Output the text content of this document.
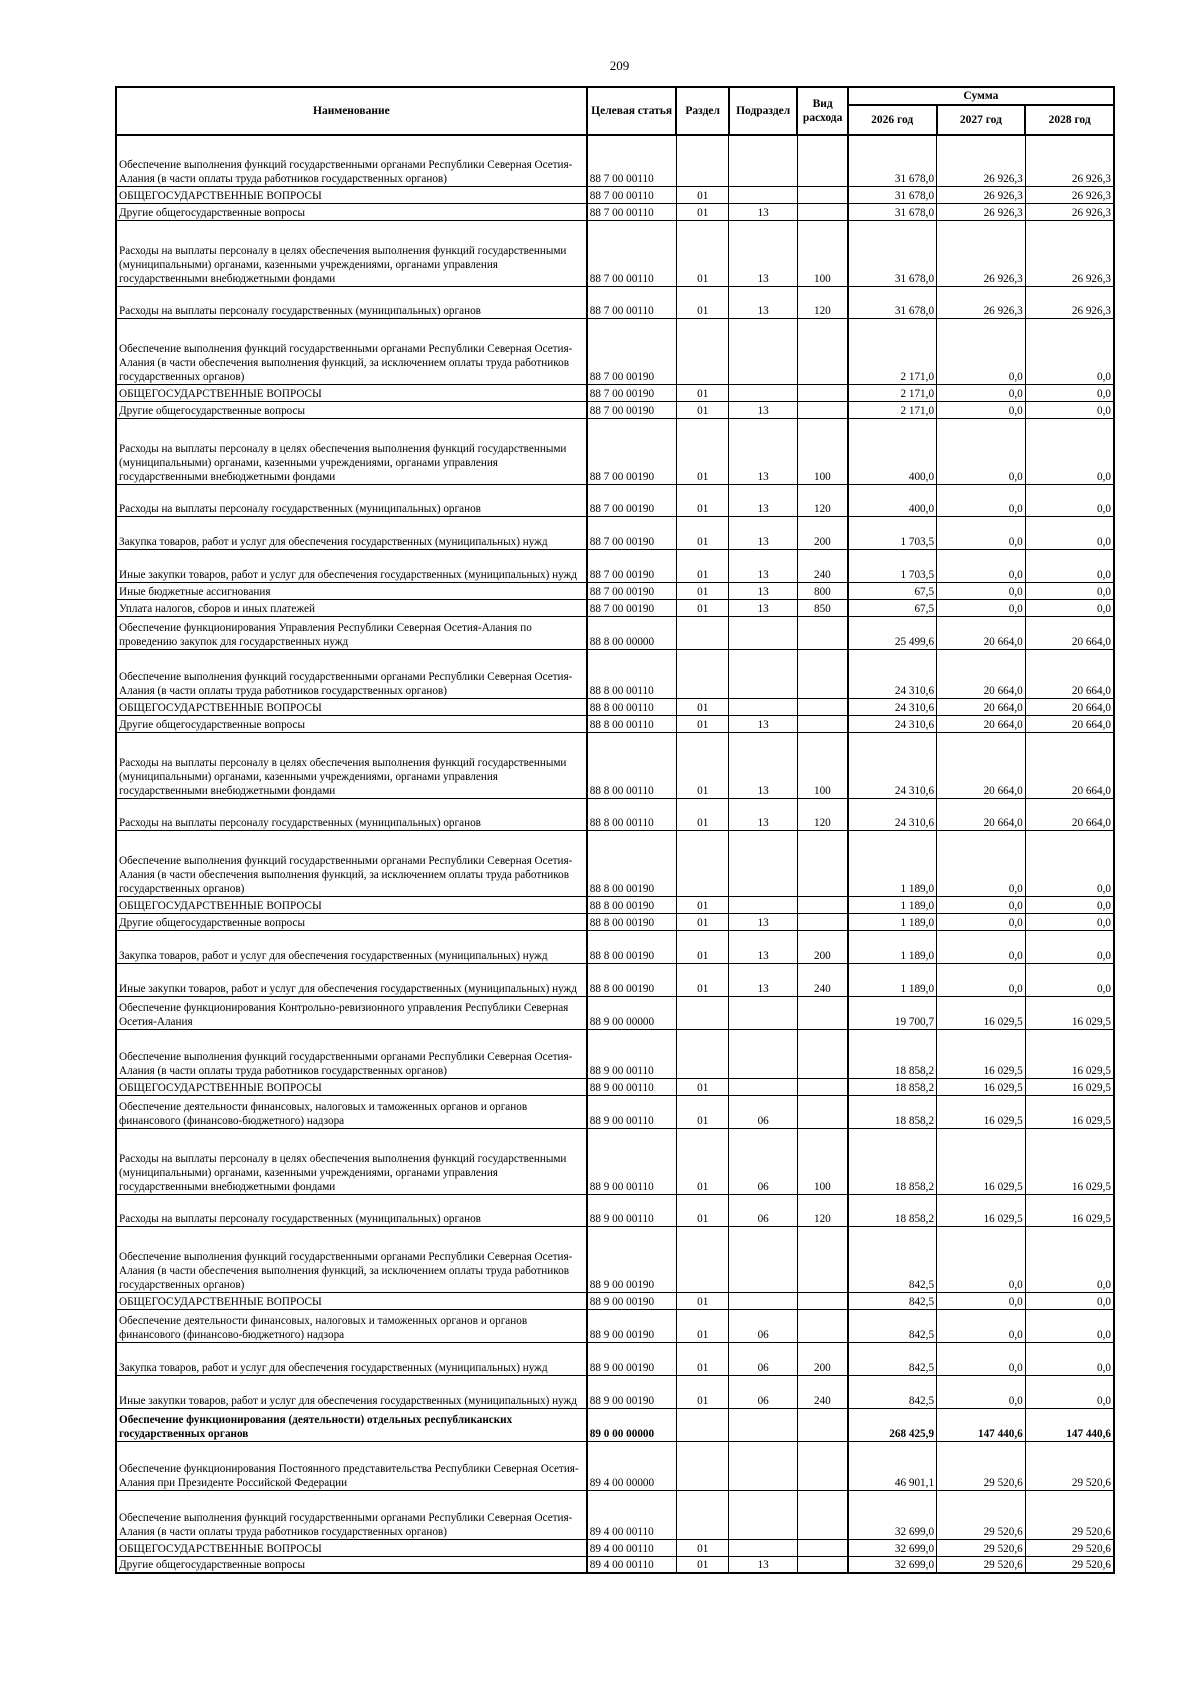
209
Наименование	Целевая статья	Раздел	Подраздел	Вид расхода	Сумма		
					2026 год	2027 год	2028 год
Обеспечение выполнения функций государственными органами Республики Северная Осетия-Алания (в части оплаты труда работников государственных органов)	88 7 00 00110				31 678,0	26 926,3	26 926,3
ОБЩЕГОСУДАРСТВЕННЫЕ ВОПРОСЫ	88 7 00 00110	01			31 678,0	26 926,3	26 926,3
Другие общегосударственные вопросы	88 7 00 00110	01	13		31 678,0	26 926,3	26 926,3
Расходы на выплаты персоналу в целях обеспечения выполнения функций государственными (муниципальными) органами, казенными учреждениями, органами управления государственными внебюджетными фондами	88 7 00 00110	01	13	100	31 678,0	26 926,3	26 926,3
Расходы на выплаты персоналу государственных (муниципальных) органов	88 7 00 00110	01	13	120	31 678,0	26 926,3	26 926,3
Обеспечение выполнения функций государственными органами Республики Северная Осетия-Алания (в части обеспечения выполнения функций, за исключением оплаты труда работников государственных органов)	88 7 00 00190				2 171,0	0,0	0,0
ОБЩЕГОСУДАРСТВЕННЫЕ ВОПРОСЫ	88 7 00 00190	01			2 171,0	0,0	0,0
Другие общегосударственные вопросы	88 7 00 00190	01	13		2 171,0	0,0	0,0
Расходы на выплаты персоналу в целях обеспечения выполнения функций государственными (муниципальными) органами, казенными учреждениями, органами управления государственными внебюджетными фондами	88 7 00 00190	01	13	100	400,0	0,0	0,0
Расходы на выплаты персоналу государственных (муниципальных) органов	88 7 00 00190	01	13	120	400,0	0,0	0,0
Закупка товаров, работ и услуг для обеспечения государственных (муниципальных) нужд	88 7 00 00190	01	13	200	1 703,5	0,0	0,0
Иные закупки товаров, работ и услуг для обеспечения государственных (муниципальных) нужд	88 7 00 00190	01	13	240	1 703,5	0,0	0,0
Иные бюджетные ассигнования	88 7 00 00190	01	13	800	67,5	0,0	0,0
Уплата налогов, сборов и иных платежей	88 7 00 00190	01	13	850	67,5	0,0	0,0
Обеспечение функционирования Управления Республики Северная Осетия-Алания по проведению закупок для государственных нужд	88 8 00 00000				25 499,6	20 664,0	20 664,0
Обеспечение выполнения функций государственными органами Республики Северная Осетия-Алания (в части оплаты труда работников государственных органов)	88 8 00 00110				24 310,6	20 664,0	20 664,0
ОБЩЕГОСУДАРСТВЕННЫЕ ВОПРОСЫ	88 8 00 00110	01			24 310,6	20 664,0	20 664,0
Другие общегосударственные вопросы	88 8 00 00110	01	13		24 310,6	20 664,0	20 664,0
Расходы на выплаты персоналу в целях обеспечения выполнения функций государственными (муниципальными) органами, казенными учреждениями, органами управления государственными внебюджетными фондами	88 8 00 00110	01	13	100	24 310,6	20 664,0	20 664,0
Расходы на выплаты персоналу государственных (муниципальных) органов	88 8 00 00110	01	13	120	24 310,6	20 664,0	20 664,0
Обеспечение выполнения функций государственными органами Республики Северная Осетия-Алания (в части обеспечения выполнения функций, за исключением оплаты труда работников государственных органов)	88 8 00 00190				1 189,0	0,0	0,0
ОБЩЕГОСУДАРСТВЕННЫЕ ВОПРОСЫ	88 8 00 00190	01			1 189,0	0,0	0,0
Другие общегосударственные вопросы	88 8 00 00190	01	13		1 189,0	0,0	0,0
Закупка товаров, работ и услуг для обеспечения государственных (муниципальных) нужд	88 8 00 00190	01	13	200	1 189,0	0,0	0,0
Иные закупки товаров, работ и услуг для обеспечения государственных (муниципальных) нужд	88 8 00 00190	01	13	240	1 189,0	0,0	0,0
Обеспечение функционирования Контрольно-ревизионного управления Республики Северная Осетия-Алания	88 9 00 00000				19 700,7	16 029,5	16 029,5
Обеспечение выполнения функций государственными органами Республики Северная Осетия-Алания (в части оплаты труда работников государственных органов)	88 9 00 00110				18 858,2	16 029,5	16 029,5
ОБЩЕГОСУДАРСТВЕННЫЕ ВОПРОСЫ	88 9 00 00110	01			18 858,2	16 029,5	16 029,5
Обеспечение деятельности финансовых, налоговых и таможенных органов и органов финансового (финансово-бюджетного) надзора	88 9 00 00110	01	06		18 858,2	16 029,5	16 029,5
Расходы на выплаты персоналу в целях обеспечения выполнения функций государственными (муниципальными) органами, казенными учреждениями, органами управления государственными внебюджетными фондами	88 9 00 00110	01	06	100	18 858,2	16 029,5	16 029,5
Расходы на выплаты персоналу государственных (муниципальных) органов	88 9 00 00110	01	06	120	18 858,2	16 029,5	16 029,5
Обеспечение выполнения функций государственными органами Республики Северная Осетия-Алания (в части обеспечения выполнения функций, за исключением оплаты труда работников государственных органов)	88 9 00 00190				842,5	0,0	0,0
ОБЩЕГОСУДАРСТВЕННЫЕ ВОПРОСЫ	88 9 00 00190	01			842,5	0,0	0,0
Обеспечение деятельности финансовых, налоговых и таможенных органов и органов финансового (финансово-бюджетного) надзора	88 9 00 00190	01	06		842,5	0,0	0,0
Закупка товаров, работ и услуг для обеспечения государственных (муниципальных) нужд	88 9 00 00190	01	06	200	842,5	0,0	0,0
Иные закупки товаров, работ и услуг для обеспечения государственных (муниципальных) нужд	88 9 00 00190	01	06	240	842,5	0,0	0,0
Обеспечение функционирования (деятельности) отдельных республиканских государственных органов	89 0 00 00000				268 425,9	147 440,6	147 440,6
Обеспечение функционирования Постоянного представительства Республики Северная Осетия-Алания при Президенте Российской Федерации	89 4 00 00000				46 901,1	29 520,6	29 520,6
Обеспечение выполнения функций государственными органами Республики Северная Осетия-Алания (в части оплаты труда работников государственных органов)	89 4 00 00110				32 699,0	29 520,6	29 520,6
ОБЩЕГОСУДАРСТВЕННЫЕ ВОПРОСЫ	89 4 00 00110	01			32 699,0	29 520,6	29 520,6
Другие общегосударственные вопросы	89 4 00 00110	01	13		32 699,0	29 520,6	29 520,6
